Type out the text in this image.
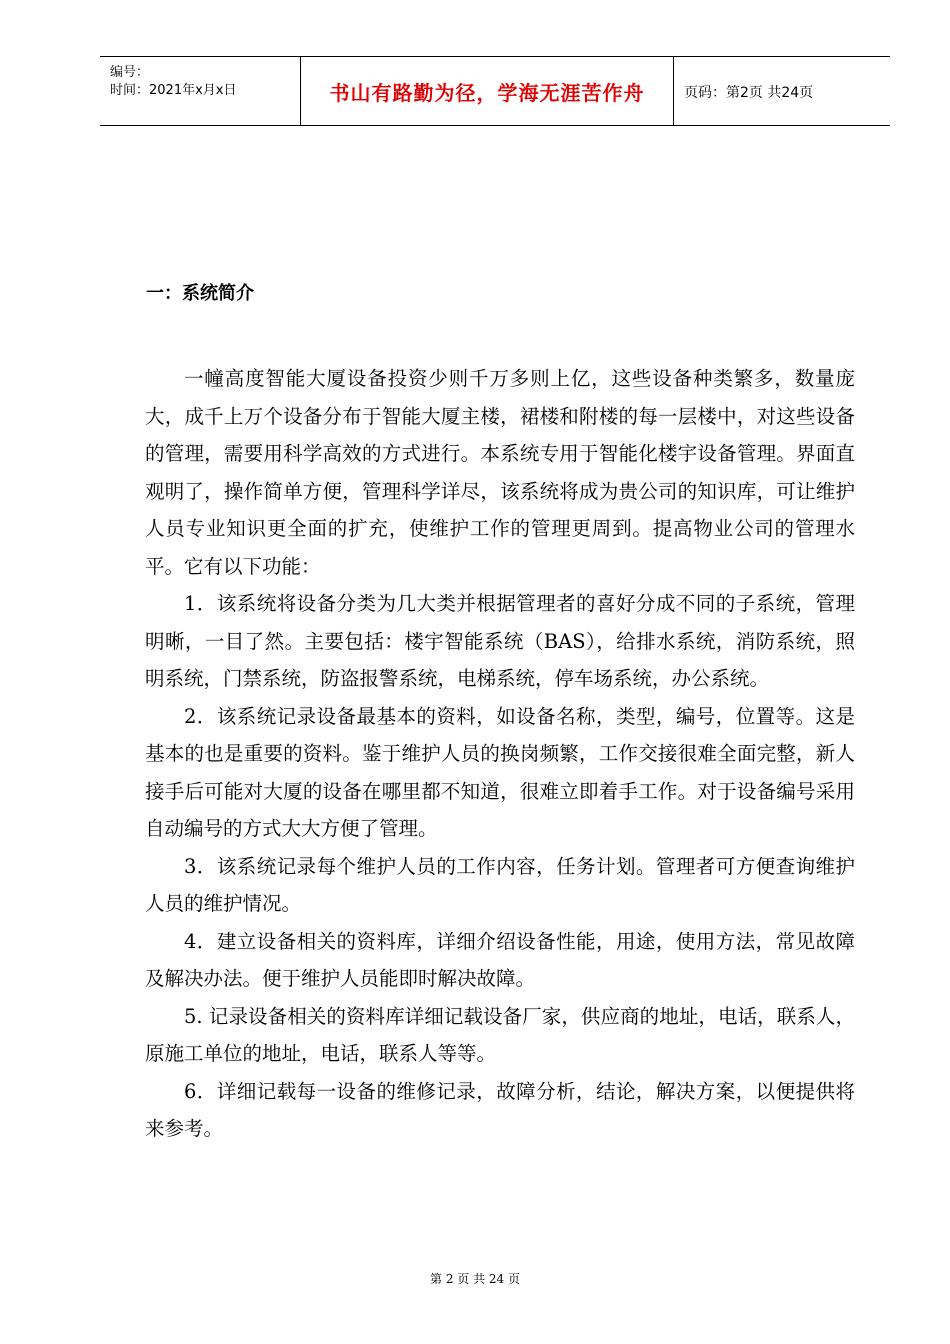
编号：
时间：2021年x月x日	书山有路勤为径，学海无涯苦作舟	页码：第2页 共24页
一：系统简介

一幢高度智能大厦设备投资少则千万多则上亿，这些设备种类繁多，数量庞大，成千上万个设备分布于智能大厦主楼，裙楼和附楼的每一层楼中，对这些设备的管理，需要用科学高效的方式进行。本系统专用于智能化楼宇设备管理。界面直观明了，操作简单方便，管理科学详尽，该系统将成为贵公司的知识库，可让维护人员专业知识更全面的扩充，使维护工作的管理更周到。提高物业公司的管理水平。它有以下功能：

1．该系统将设备分类为几大类并根据管理者的喜好分成不同的子系统，管理明晰，一目了然。主要包括：楼宇智能系统（BAS），给排水系统，消防系统，照明系统，门禁系统，防盗报警系统，电梯系统，停车场系统，办公系统。

2．该系统记录设备最基本的资料，如设备名称，类型，编号，位置等。这是基本的也是重要的资料。鉴于维护人员的换岗频繁，工作交接很难全面完整，新人接手后可能对大厦的设备在哪里都不知道，很难立即着手工作。对于设备编号采用自动编号的方式大大方便了管理。

3．该系统记录每个维护人员的工作内容，任务计划。管理者可方便查询维护人员的维护情况。

4．建立设备相关的资料库，详细介绍设备性能，用途，使用方法，常见故障及解决办法。便于维护人员能即时解决故障。

5. 记录设备相关的资料库详细记载设备厂家，供应商的地址，电话，联系人，原施工单位的地址，电话，联系人等等。

6．详细记载每一设备的维修记录，故障分析，结论，解决方案，以便提供将来参考。

第 2 页 共 24 页
